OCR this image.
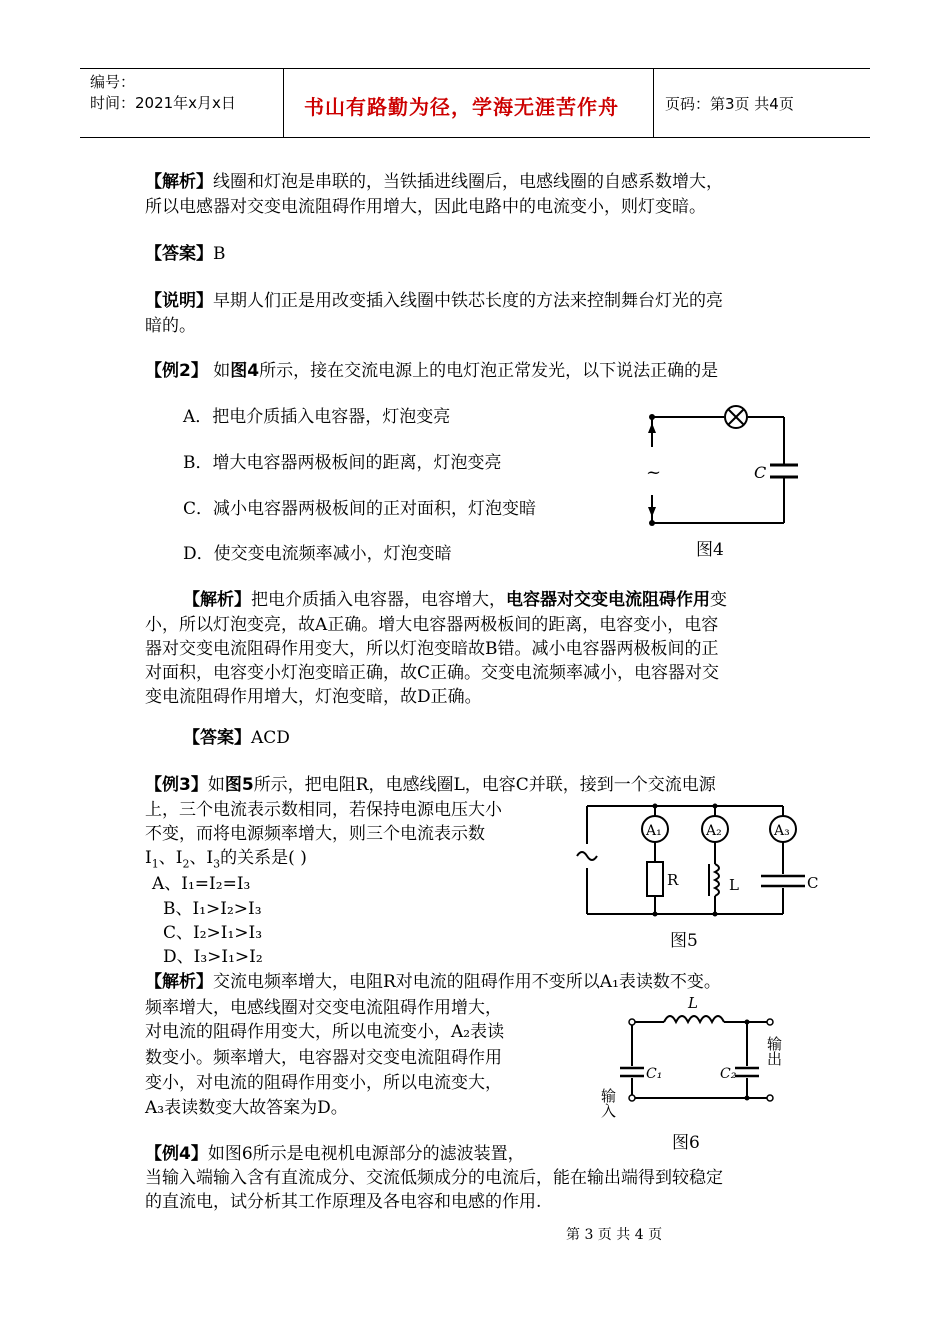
编号：
时间：2021年x月x日	书山有路勤为径，学海无涯苦作舟	页码：第3页 共4页
【解析】线圈和灯泡是串联的，当铁插进线圈后，电感线圈的自感系数增大，
所以电感器对交变电流阻碍作用增大，因此电路中的电流变小，则灯变暗。
【答案】B
【说明】早期人们正是用改变插入线圈中铁芯长度的方法来控制舞台灯光的亮
暗的。
【例2】 如图4所示，接在交流电源上的电灯泡正常发光，以下说法正确的是
A．把电介质插入电容器，灯泡变亮
B．增大电容器两极板间的距离，灯泡变亮
C．减小电容器两极板间的正对面积，灯泡变暗
D．使交变电流频率减小，灯泡变暗
~	C
图4
【解析】把电介质插入电容器，电容增大，电容器对交变电流阻碍作用变
小，所以灯泡变亮，故A正确。增大电容器两极板间的距离，电容变小，电容
器对交变电流阻碍作用变大，所以灯泡变暗故B错。减小电容器两极板间的正
对面积，电容变小灯泡变暗正确，故C正确。交变电流频率减小，电容器对交
变电流阻碍作用增大，灯泡变暗，故D正确。
【答案】ACD
【例3】如图5所示，把电阻R，电感线圈L，电容C并联，接到一个交流电源
上，三个电流表示数相同，若保持电源电压大小
不变，而将电源频率增大，则三个电流表示数
$I_1$、$I_2$、$I_3$的关系是( )
A、I₁=I₂=I₃
B、I₁>I₂>I₃
C、I₂>I₁>I₃
D、I₃>I₁>I₂
A₁	A₂	A₃
R	L	C
图5
【解析】交流电频率增大，电阻R对电流的阻碍作用不变所以A₁表读数不变。
频率增大，电感线圈对交变电流阻碍作用增大，
对电流的阻碍作用变大，所以电流变小，A₂表读
数变小。频率增大，电容器对交变电流阻碍作用
变小，对电流的阻碍作用变小，所以电流变大，
A₃表读数变大故答案为D。
L
C₁	C₂
输入
输出
图6
【例4】如图6所示是电视机电源部分的滤波装置，
当输入端输入含有直流成分、交流低频成分的电流后，能在输出端得到较稳定
的直流电，试分析其工作原理及各电容和电感的作用.
第 3 页 共 4 页
